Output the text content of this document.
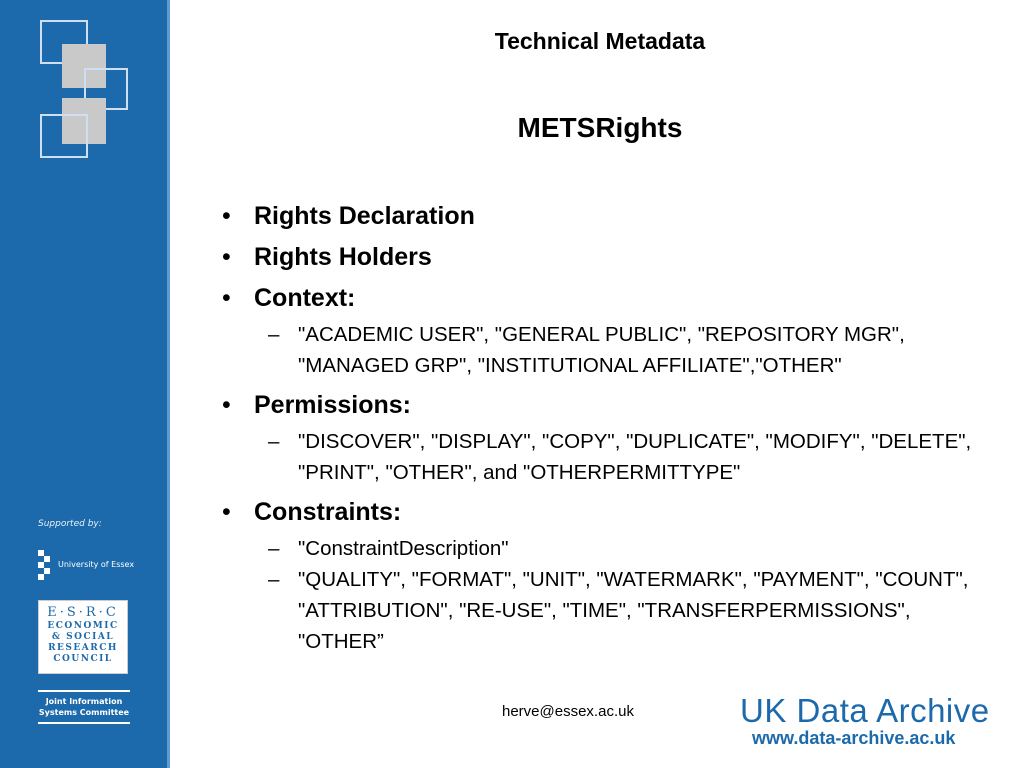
Supported by:
University of Essex
E·S·R·C
ECONOMIC
& SOCIAL
RESEARCH
COUNCIL
Joint Information
Systems Committee
Technical Metadata
METSRights
• Rights Declaration
• Rights Holders
• Context:
– "ACADEMIC USER", "GENERAL PUBLIC", "REPOSITORY MGR", "MANAGED GRP", "INSTITUTIONAL AFFILIATE","OTHER"
• Permissions:
– "DISCOVER", "DISPLAY", "COPY", "DUPLICATE", "MODIFY", "DELETE", "PRINT", "OTHER", and "OTHERPERMITTYPE"
• Constraints:
– "ConstraintDescription"
– "QUALITY", "FORMAT", "UNIT", "WATERMARK", "PAYMENT", "COUNT", "ATTRIBUTION", "RE-USE", "TIME", "TRANSFERPERMISSIONS", "OTHER”
herve@essex.ac.uk	UK Data Archive
www.data-archive.ac.uk
